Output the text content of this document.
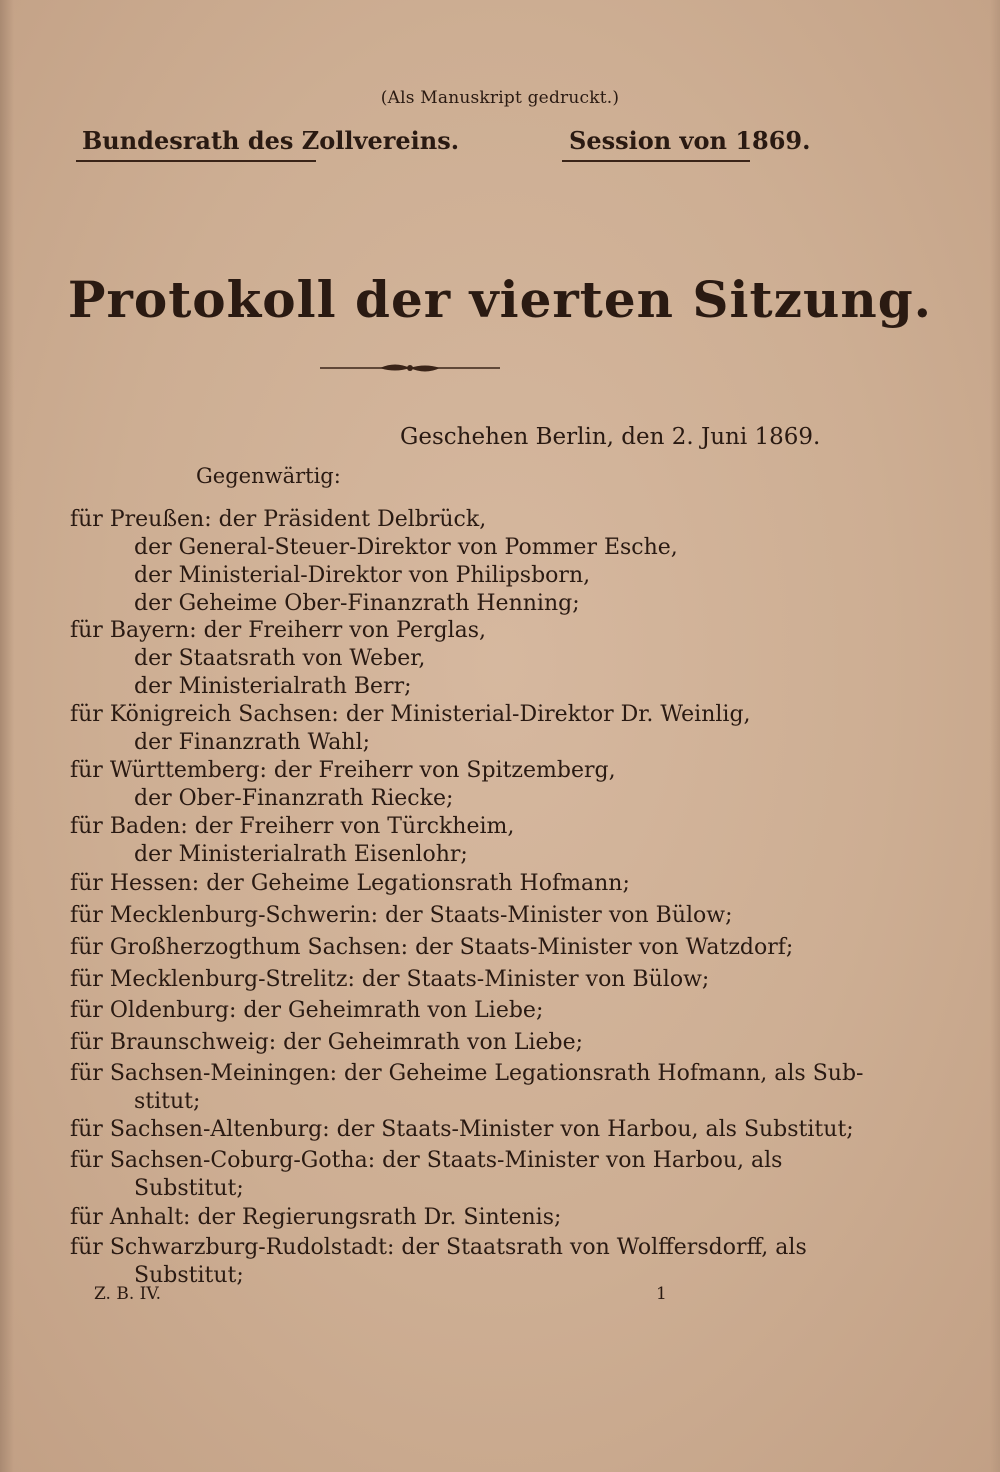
(Als Manuskript gedruckt.)
Bundesrath des Zollvereins.	Session von 1869.
Protokoll der vierten Sitzung.
Geschehen Berlin, den 2. Juni 1869.
Gegenwärtig:
für Preußen: der Präsident Delbrück,
der General-Steuer-Direktor von Pommer Esche,
der Ministerial-Direktor von Philipsborn,
der Geheime Ober-Finanzrath Henning;
für Bayern: der Freiherr von Perglas,
der Staatsrath von Weber,
der Ministerialrath Berr;
für Königreich Sachsen: der Ministerial-Direktor Dr. Weinlig,
der Finanzrath Wahl;
für Württemberg: der Freiherr von Spitzemberg,
der Ober-Finanzrath Riecke;
für Baden: der Freiherr von Türckheim,
der Ministerialrath Eisenlohr;
für Hessen: der Geheime Legationsrath Hofmann;
für Mecklenburg-Schwerin: der Staats-Minister von Bülow;
für Großherzogthum Sachsen: der Staats-Minister von Watzdorf;
für Mecklenburg-Strelitz: der Staats-Minister von Bülow;
für Oldenburg: der Geheimrath von Liebe;
für Braunschweig: der Geheimrath von Liebe;
für Sachsen-Meiningen: der Geheime Legationsrath Hofmann, als Sub-
stitut;
für Sachsen-Altenburg: der Staats-Minister von Harbou, als Substitut;
für Sachsen-Coburg-Gotha: der Staats-Minister von Harbou, als
Substitut;
für Anhalt: der Regierungsrath Dr. Sintenis;
für Schwarzburg-Rudolstadt: der Staatsrath von Wolffersdorff, als
Substitut;
Z. B. IV.	1
